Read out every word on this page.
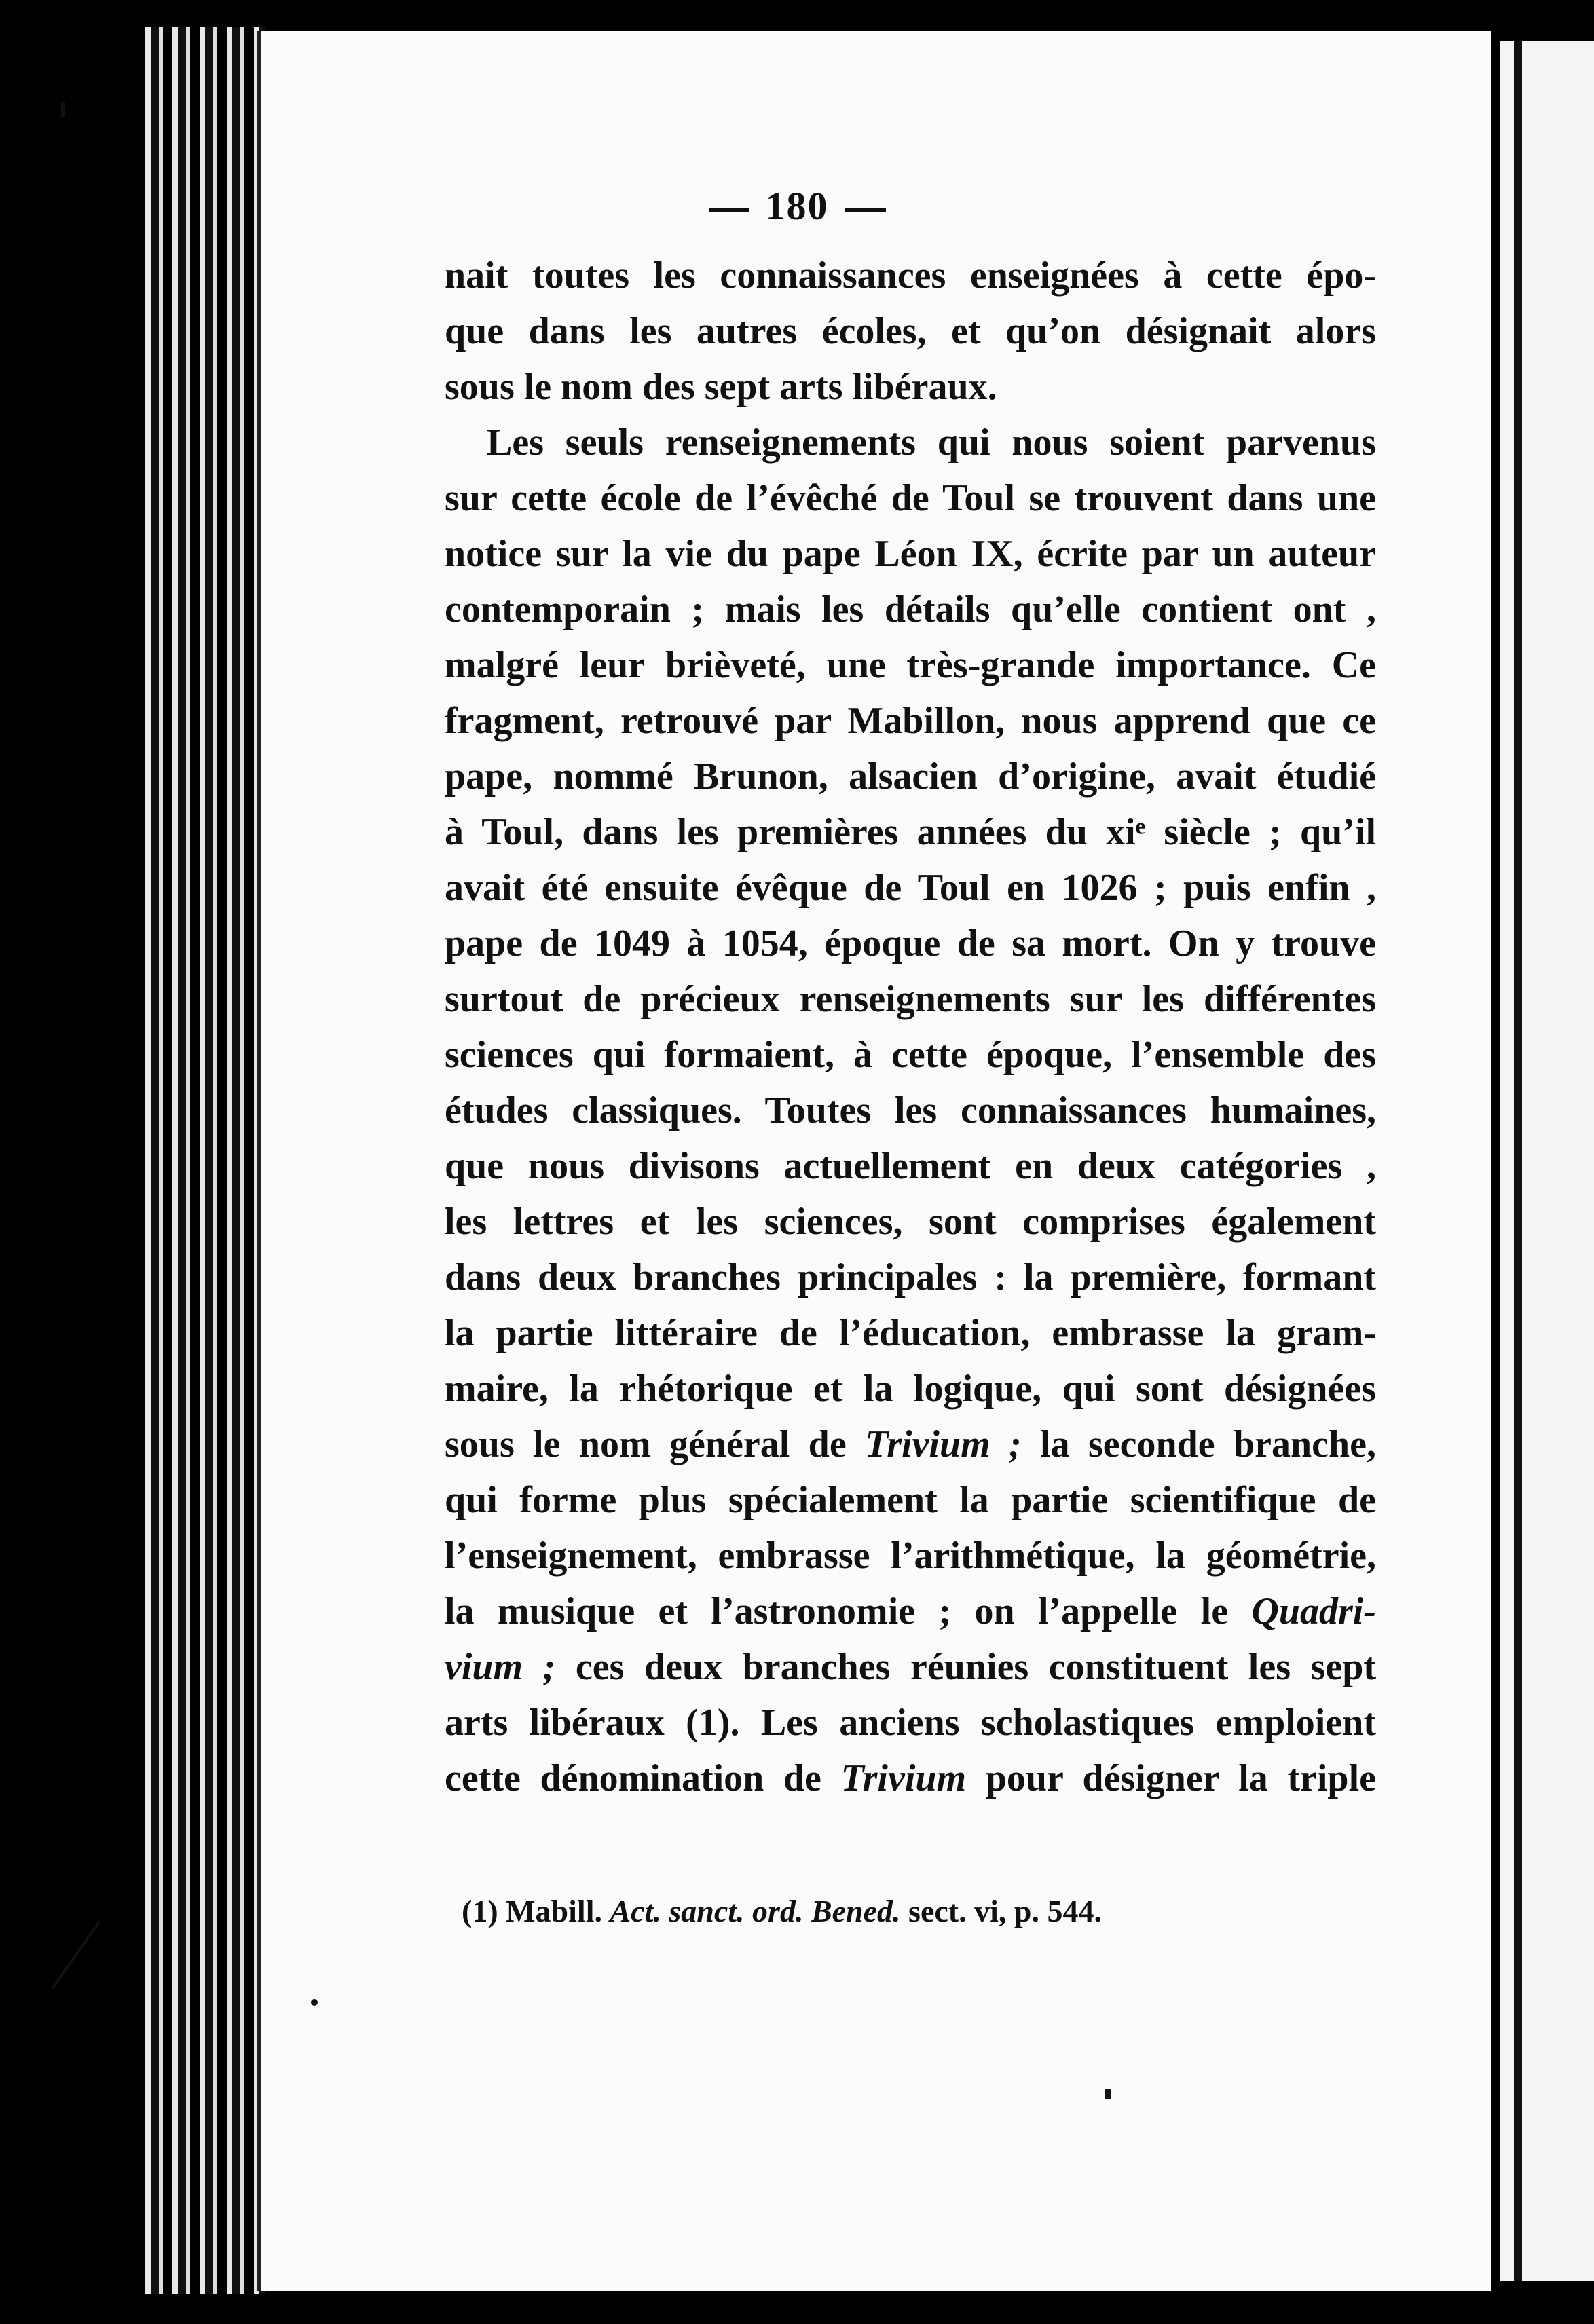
180
nait toutes les connaissances enseignées à cette épo-
que dans les autres écoles, et qu’on désignait alors
sous le nom des sept arts libéraux.
Les seuls renseignements qui nous soient parvenus
sur cette école de l’évêché de Toul se trouvent dans une
notice sur la vie du pape Léon IX, écrite par un auteur
contemporain ; mais les détails qu’elle contient ont ,
malgré leur brièveté, une très-grande importance. Ce
fragment, retrouvé par Mabillon, nous apprend que ce
pape, nommé Brunon, alsacien d’origine, avait étudié
à Toul, dans les premières années du xiᵉ siècle ; qu’il
avait été ensuite évêque de Toul en 1026 ; puis enfin ,
pape de 1049 à 1054, époque de sa mort. On y trouve
surtout de précieux renseignements sur les différentes
sciences qui formaient, à cette époque, l’ensemble des
études classiques. Toutes les connaissances humaines,
que nous divisons actuellement en deux catégories ,
les lettres et les sciences, sont comprises également
dans deux branches principales : la première, formant
la partie littéraire de l’éducation, embrasse la gram-
maire, la rhétorique et la logique, qui sont désignées
sous le nom général de Trivium ; la seconde branche,
qui forme plus spécialement la partie scientifique de
l’enseignement, embrasse l’arithmétique, la géométrie,
la musique et l’astronomie ; on l’appelle le Quadri-
vium ; ces deux branches réunies constituent les sept
arts libéraux (1). Les anciens scholastiques emploient
cette dénomination de Trivium pour désigner la triple
(1) Mabill. Act. sanct. ord. Bened. sect. vi, p. 544.
